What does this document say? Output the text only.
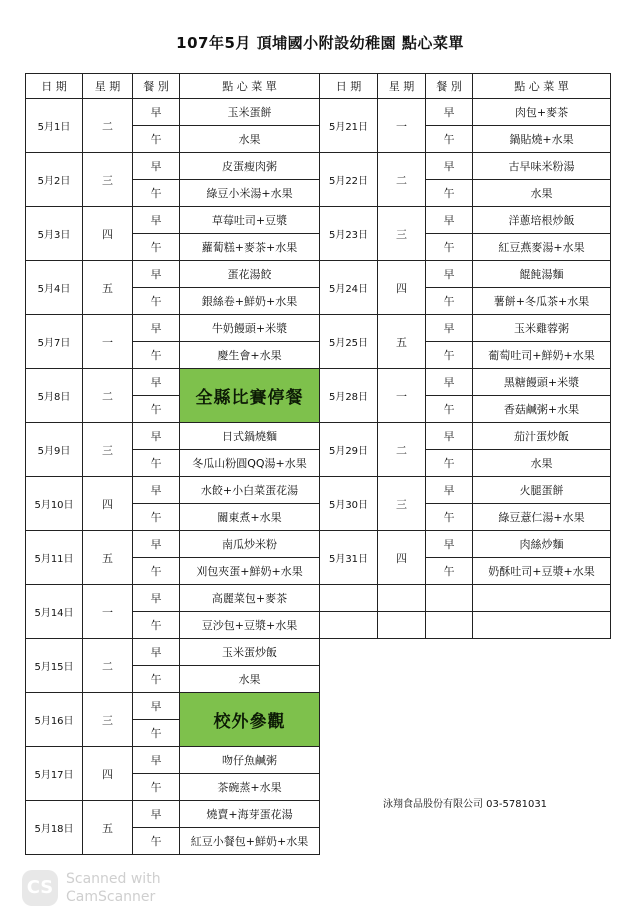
107年5月 頂埔國小附設幼稚園 點心菜單
日 期	星 期	餐 別	點 心 菜 單
5月1日	二	早	玉米蛋餅
		午	水果
5月2日	三	早	皮蛋瘦肉粥
		午	綠豆小米湯+水果
5月3日	四	早	草莓吐司+豆漿
		午	蘿蔔糕+麥茶+水果
5月4日	五	早	蛋花湯餃
		午	銀絲卷+鮮奶+水果
5月7日	一	早	牛奶饅頭+米漿
		午	慶生會+水果
5月8日	二	早	全縣比賽停餐
		午	
5月9日	三	早	日式鍋燒麵
		午	冬瓜山粉圓QQ湯+水果
5月10日	四	早	水餃+小白菜蛋花湯
		午	關東煮+水果
5月11日	五	早	南瓜炒米粉
		午	刈包夾蛋+鮮奶+水果
5月14日	一	早	高麗菜包+麥茶
		午	豆沙包+豆漿+水果
5月15日	二	早	玉米蛋炒飯
		午	水果
5月16日	三	早	校外參觀
		午	
5月17日	四	早	吻仔魚鹹粥
		午	茶碗蒸+水果
5月18日	五	早	燒賣+海芽蛋花湯
		午	紅豆小餐包+鮮奶+水果
日 期	星 期	餐 別	點 心 菜 單
5月21日	一	早	肉包+麥茶
		午	鍋貼燒+水果
5月22日	二	早	古早味米粉湯
		午	水果
5月23日	三	早	洋蔥培根炒飯
		午	紅豆燕麥湯+水果
5月24日	四	早	餛飩湯麵
		午	薯餅+冬瓜茶+水果
5月25日	五	早	玉米雞蓉粥
		午	葡萄吐司+鮮奶+水果
5月28日	一	早	黑糖饅頭+米漿
		午	香菇鹹粥+水果
5月29日	二	早	茄汁蛋炒飯
		午	水果
5月30日	三	早	火腿蛋餅
		午	綠豆薏仁湯+水果
5月31日	四	早	肉絲炒麵
		午	奶酥吐司+豆漿+水果

泳翔食品股份有限公司 03-5781031
CS Scanned with
CamScanner
